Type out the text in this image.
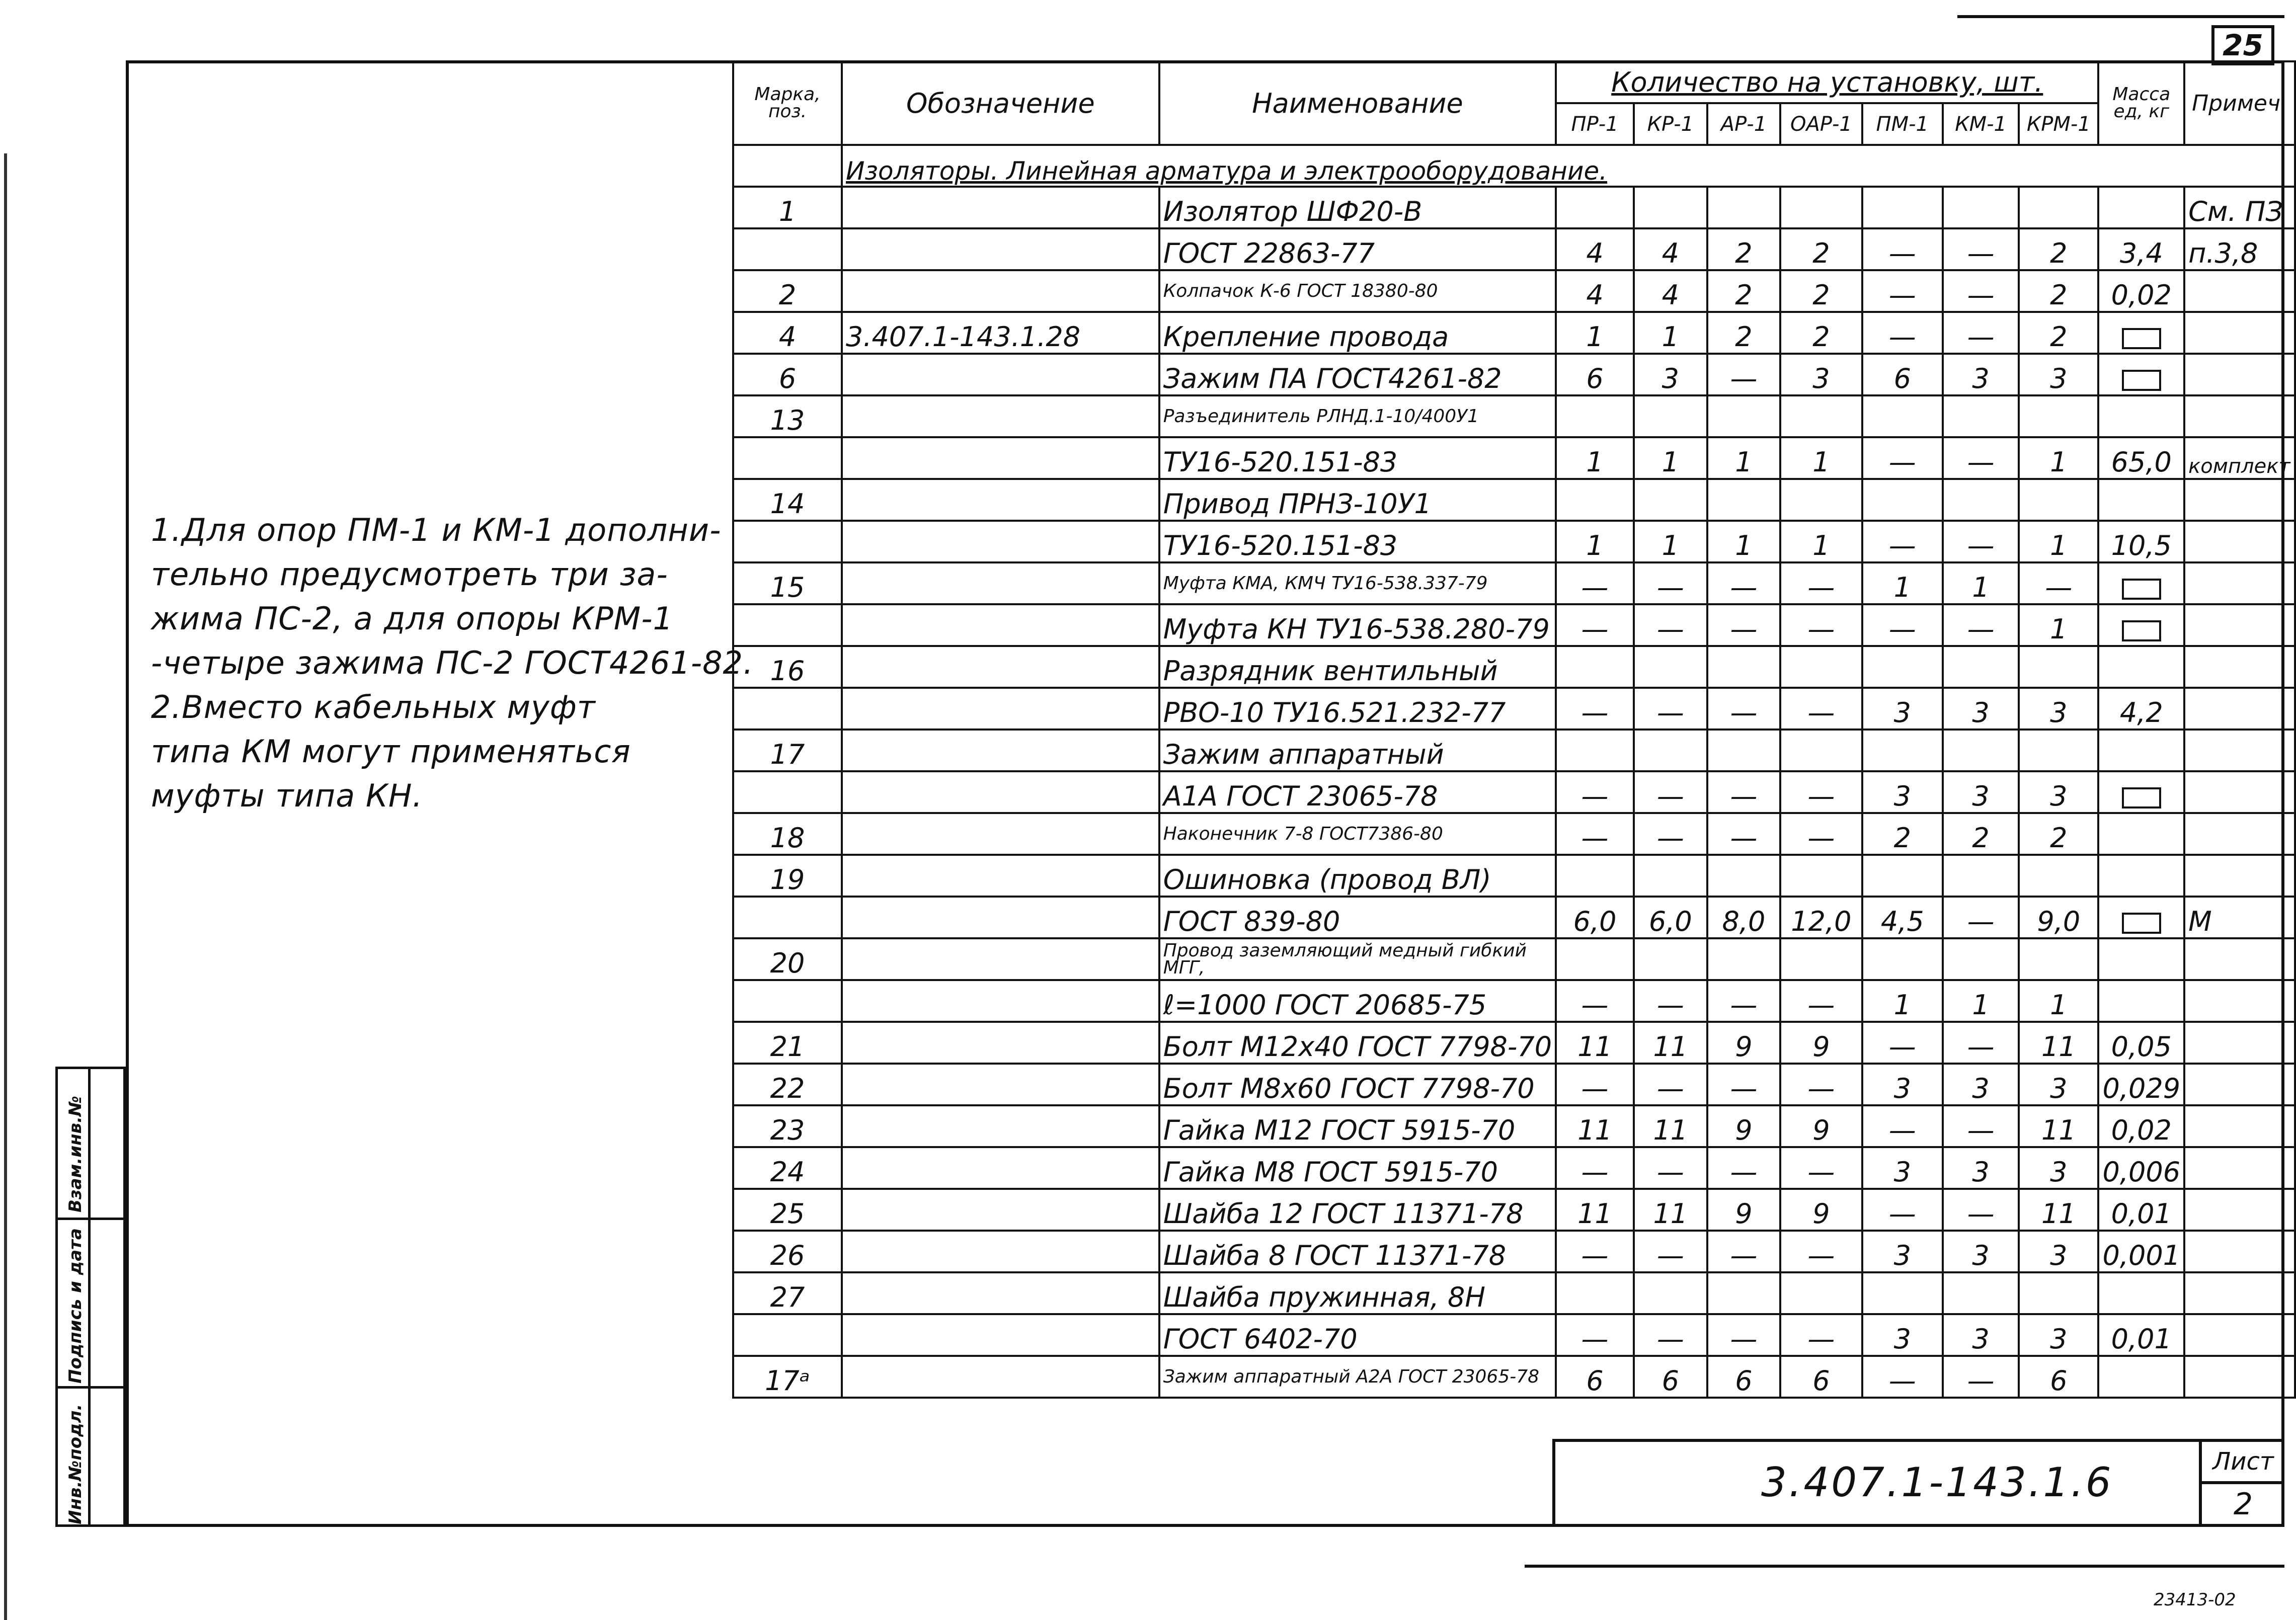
25
1.Для опор ПМ-1 и КМ-1 дополни-
тельно предусмотреть три за-
жима ПС-2, а для опоры КРМ-1
-четыре зажима ПС-2 ГОСТ4261-82.
2.Вместо кабельных муфт
типа КМ могут применяться
муфты типа КН.
Взам.инв.№
Подпись и дата
Инв.№подл.
Марка, поз.	Обозначение	Наименование	Количество на установку, шт.							Масса ед, кг	Примеч.
			ПР-1	КР-1	АР-1	ОАР-1	ПМ-1	КМ-1	КРМ-1		
	Изоляторы. Линейная арматура и электрооборудование.										
1		Изолятор ШФ20-В									См. ПЗ
		ГОСТ 22863-77	4	4	2	2	—	—	2	3,4	п.3,8
2		Колпачок К-6 ГОСТ 18380-80	4	4	2	2	—	—	2	0,02	
4	3.407.1-143.1.28	Крепление провода	1	1	2	2	—	—	2		
6		Зажим ПА ГОСТ4261-82	6	3	—	3	6	3	3		
13		Разъединитель РЛНД.1-10/400У1									
		ТУ16-520.151-83	1	1	1	1	—	—	1	65,0	комплект
14		Привод ПРНЗ-10У1									
		ТУ16-520.151-83	1	1	1	1	—	—	1	10,5	
15		Муфта КМА, КМЧ ТУ16-538.337-79	—	—	—	—	1	1	—		
		Муфта КН ТУ16-538.280-79	—	—	—	—	—	—	1		
16		Разрядник вентильный									
		РВО-10 ТУ16.521.232-77	—	—	—	—	3	3	3	4,2	
17		Зажим аппаратный									
		А1А ГОСТ 23065-78	—	—	—	—	3	3	3		
18		Наконечник 7-8 ГОСТ7386-80	—	—	—	—	2	2	2		
19		Ошиновка (провод ВЛ)									
		ГОСТ 839-80	6,0	6,0	8,0	12,0	4,5	—	9,0		М
20		Провод заземляющий медный гибкий МГГ,									
		ℓ=1000 ГОСТ 20685-75	—	—	—	—	1	1	1		
21		Болт М12х40 ГОСТ 7798-70	11	11	9	9	—	—	11	0,05	
22		Болт М8х60 ГОСТ 7798-70	—	—	—	—	3	3	3	0,029	
23		Гайка М12 ГОСТ 5915-70	11	11	9	9	—	—	11	0,02	
24		Гайка М8 ГОСТ 5915-70	—	—	—	—	3	3	3	0,006	
25		Шайба 12 ГОСТ 11371-78	11	11	9	9	—	—	11	0,01	
26		Шайба 8 ГОСТ 11371-78	—	—	—	—	3	3	3	0,001	
27		Шайба пружинная, 8Н									
		ГОСТ 6402-70	—	—	—	—	3	3	3	0,01	
17ᵃ		Зажим аппаратный А2А ГОСТ 23065-78	6	6	6	6	—	—	6		
3.407.1-143.1.6	Лист
2
23413-02
